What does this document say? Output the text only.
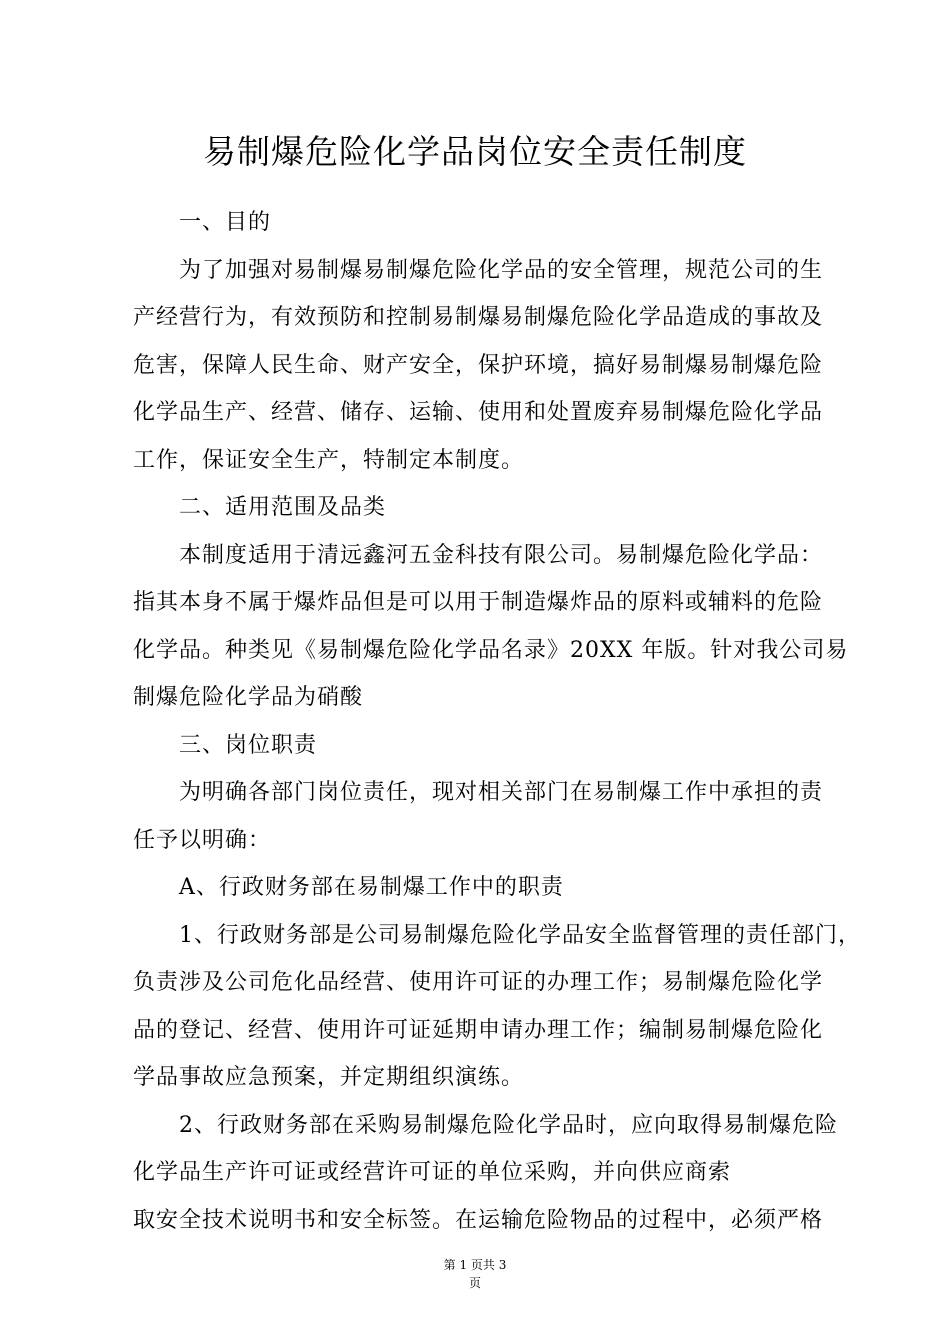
易制爆危险化学品岗位安全责任制度
一、目的
为了加强对易制爆易制爆危险化学品的安全管理，规范公司的生
产经营行为，有效预防和控制易制爆易制爆危险化学品造成的事故及
危害，保障人民生命、财产安全，保护环境，搞好易制爆易制爆危险
化学品生产、经营、储存、运输、使用和处置废弃易制爆危险化学品
工作，保证安全生产，特制定本制度。
二、适用范围及品类
本制度适用于清远鑫河五金科技有限公司。易制爆危险化学品：
指其本身不属于爆炸品但是可以用于制造爆炸品的原料或辅料的危险
化学品。种类见《易制爆危险化学品名录》20XX 年版。针对我公司易
制爆危险化学品为硝酸
三、岗位职责
为明确各部门岗位责任，现对相关部门在易制爆工作中承担的责
任予以明确：
A、行政财务部在易制爆工作中的职责
1、行政财务部是公司易制爆危险化学品安全监督管理的责任部门，
负责涉及公司危化品经营、使用许可证的办理工作；易制爆危险化学
品的登记、经营、使用许可证延期申请办理工作；编制易制爆危险化
学品事故应急预案，并定期组织演练。
2、行政财务部在采购易制爆危险化学品时，应向取得易制爆危险
化学品生产许可证或经营许可证的单位采购，并向供应商索
取安全技术说明书和安全标签。在运输危险物品的过程中，必须严格
第 1 页共 3
页
